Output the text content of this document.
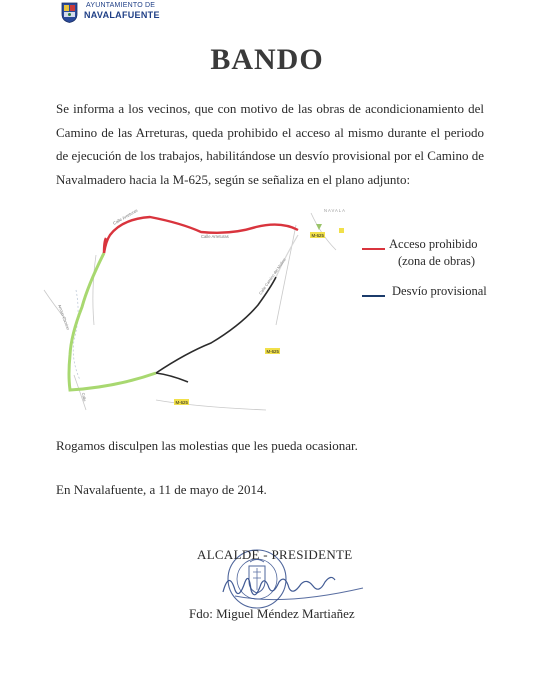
AYUNTAMIENTO DE
NAVALAFUENTE
BANDO
Se informa a los vecinos, que con motivo de las obras de acondicionamiento del Camino de las Arreturas, queda prohibido el acceso al mismo durante el periodo de ejecución de los trabajos, habilitándose un desvío provisional por el Camino de Navalmadero hacia la M-625, según se señaliza en el plano adjunto:
Calle Arreturas
Calle Arreturas
Calle Camino del Molino
Arroyo Camino
Calle
NAVALA
M-625
M-625
M-625
Acceso prohibido
(zona de obras)
Desvío provisional
Rogamos disculpen las molestias que les pueda ocasionar.
En Navalafuente, a 11 de mayo de 2014.
ALCALDE - PRESIDENTE
Fdo: Miguel Méndez Martiañez
